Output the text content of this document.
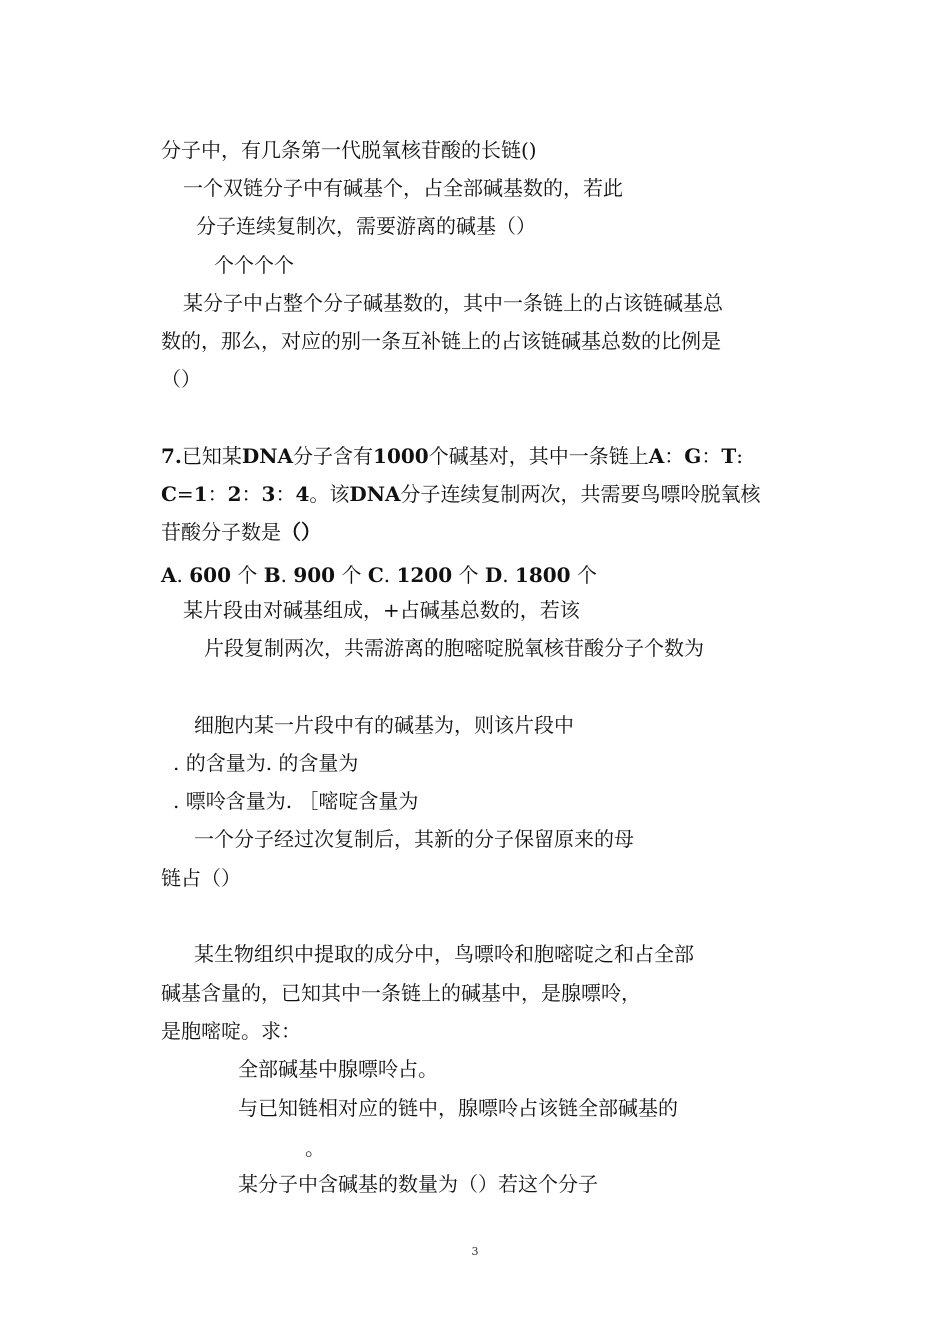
分子中，有几条第一代脱氧核苷酸的长链()
一个双链分子中有碱基个，占全部碱基数的，若此
分子连续复制次，需要游离的碱基（）
个个个个
某分子中占整个分子碱基数的，其中一条链上的占该链碱基总
数的，那么，对应的别一条互补链上的占该链碱基总数的比例是
（）
7.已知某DNA分子含有1000个碱基对，其中一条链上A：G：T:
C=1：2：3：4。该DNA分子连续复制两次，共需要鸟嘌呤脱氧核
苷酸分子数是（）
A. 600 个 B. 900 个 C. 1200 个 D. 1800 个
某片段由对碱基组成，+占碱基总数的，若该
片段复制两次，共需游离的胞嘧啶脱氧核苷酸分子个数为
细胞内某一片段中有的碱基为，则该片段中
. 的含量为. 的含量为
. 嘌呤含量为. ［嘧啶含量为
一个分子经过次复制后，其新的分子保留原来的母
链占（）
某生物组织中提取的成分中，鸟嘌呤和胞嘧啶之和占全部
碱基含量的，已知其中一条链上的碱基中，是腺嘌呤，
是胞嘧啶。求：
全部碱基中腺嘌呤占。
与已知链相对应的链中，腺嘌呤占该链全部碱基的
。
某分子中含碱基的数量为（）若这个分子
3
